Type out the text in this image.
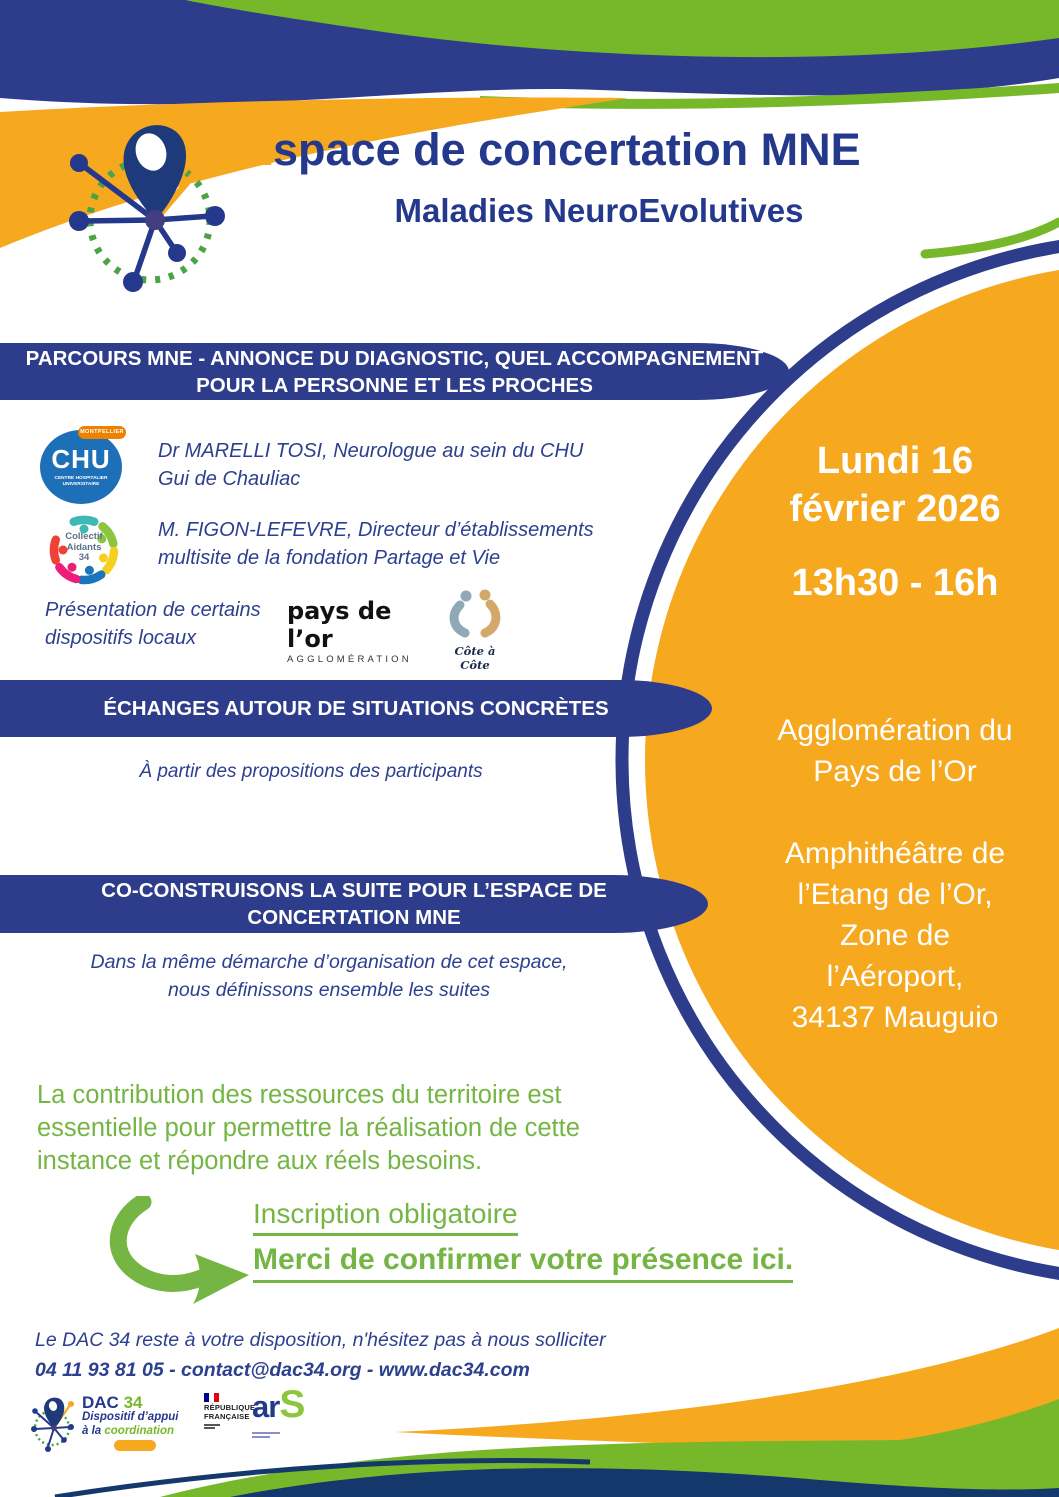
Espace de concertation MNE
Maladies NeuroEvolutives
PARCOURS MNE - ANNONCE DU DIAGNOSTIC, QUEL ACCOMPAGNEMENT POUR LA PERSONNE ET LES PROCHES
MONTPELLIER
CHU
CENTRE HOSPITALIER
UNIVERSITAIRE
Dr MARELLI TOSI, Neurologue au sein du CHU Gui de Chauliac
Collectif
Aidants
34
M. FIGON-LEFEVRE, Directeur d’établissements multisite de la fondation Partage et Vie
Présentation de certains dispositifs locaux
pays de l’or
AGGLOMÉRATION
Côte à Côte
ÉCHANGES AUTOUR DE SITUATIONS CONCRÈTES
À partir des propositions des participants
CO-CONSTRUISONS LA SUITE POUR L’ESPACE DE CONCERTATION MNE
Dans la même démarche d’organisation de cet espace, nous définissons ensemble les suites
Lundi 16
février 2026
13h30 - 16h
Agglomération du
Pays de l’Or
Amphithéâtre de
l’Etang de l’Or,
Zone de
l’Aéroport,
34137 Mauguio
La contribution des ressources du territoire est essentielle pour permettre la réalisation de cette instance et répondre aux réels besoins.
Inscription obligatoire
Merci de confirmer votre présence ici.
Le DAC 34 reste à votre disposition, n'hésitez pas à nous solliciter
04 11 93 81 05 - contact@dac34.org - www.dac34.com
DAC 34
Dispositif d’appui
à la coordination
RÉPUBLIQUE
FRANÇAISE arS
